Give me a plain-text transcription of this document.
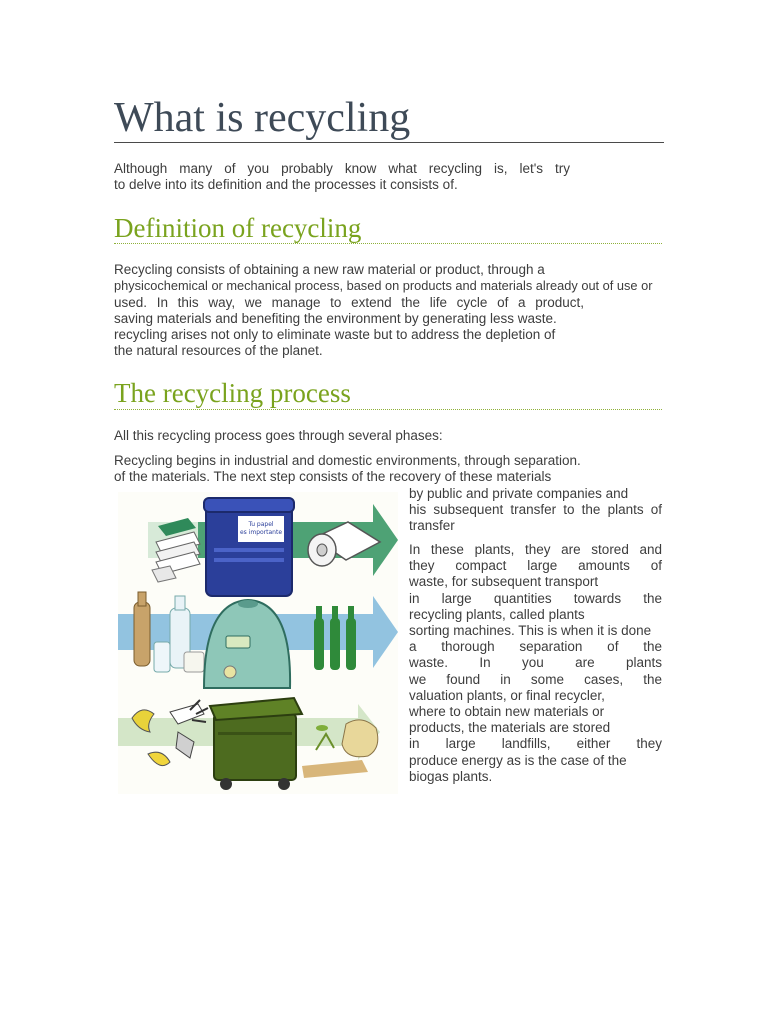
What is recycling

Although many of you probably know what recycling is, let's try
to delve into its definition and the processes it consists of.

Definition of recycling

Recycling consists of obtaining a new raw material or product, through a
physicochemical or mechanical process, based on products and materials already out of use or
used. In this way, we manage to extend the life cycle of a product,
saving materials and benefiting the environment by generating less waste.
recycling arises not only to eliminate waste but to address the depletion of
the natural resources of the planet.

The recycling process

All this recycling process goes through several phases:

Recycling begins in industrial and domestic environments, through separation.
of the materials. The next step consists of the recovery of these materials

Tu papel
es importante
by public and private companies and
his subsequent transfer to the plants of
transfer
In these plants, they are stored and
they compact large amounts of
waste, for subsequent transport
in large quantities towards the
recycling plants, called plants
sorting machines. This is when it is done
a thorough separation of the
waste. In you are plants
we found in some cases, the
valuation plants, or final recycler,
where to obtain new materials or
products, the materials are stored
in large landfills, either they
produce energy as is the case of the
biogas plants.
